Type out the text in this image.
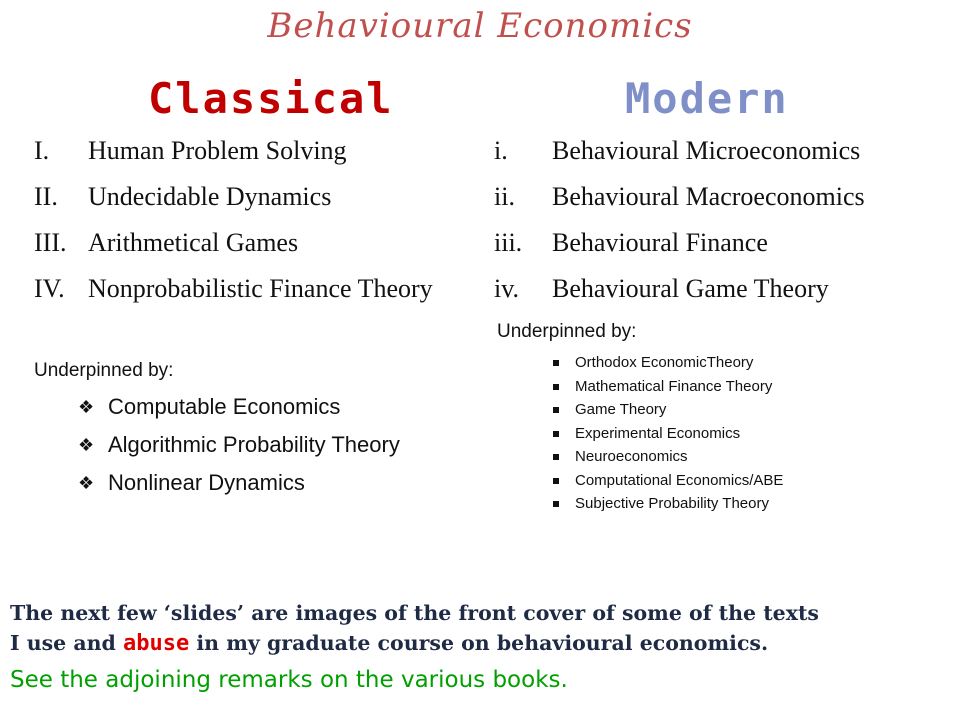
Behavioural Economics
Classical	Modern
I. Human Problem Solving
II. Undecidable Dynamics
III. Arithmetical Games
IV. Nonprobabilistic Finance Theory
i. Behavioural Microeconomics
ii. Behavioural Macroeconomics
iii. Behavioural Finance
iv. Behavioural Game Theory
Underpinned by:
Underpinned by:
❖ Computable Economics
❖ Algorithmic Probability Theory
❖ Nonlinear Dynamics
Orthodox EconomicTheory
Mathematical Finance Theory
Game Theory
Experimental Economics
Neuroeconomics
Computational Economics/ABE
Subjective Probability Theory
The next few ‘slides’ are images of the front cover of some of the texts
I use and abuse in my graduate course on behavioural economics.
See the adjoining remarks on the various books.
